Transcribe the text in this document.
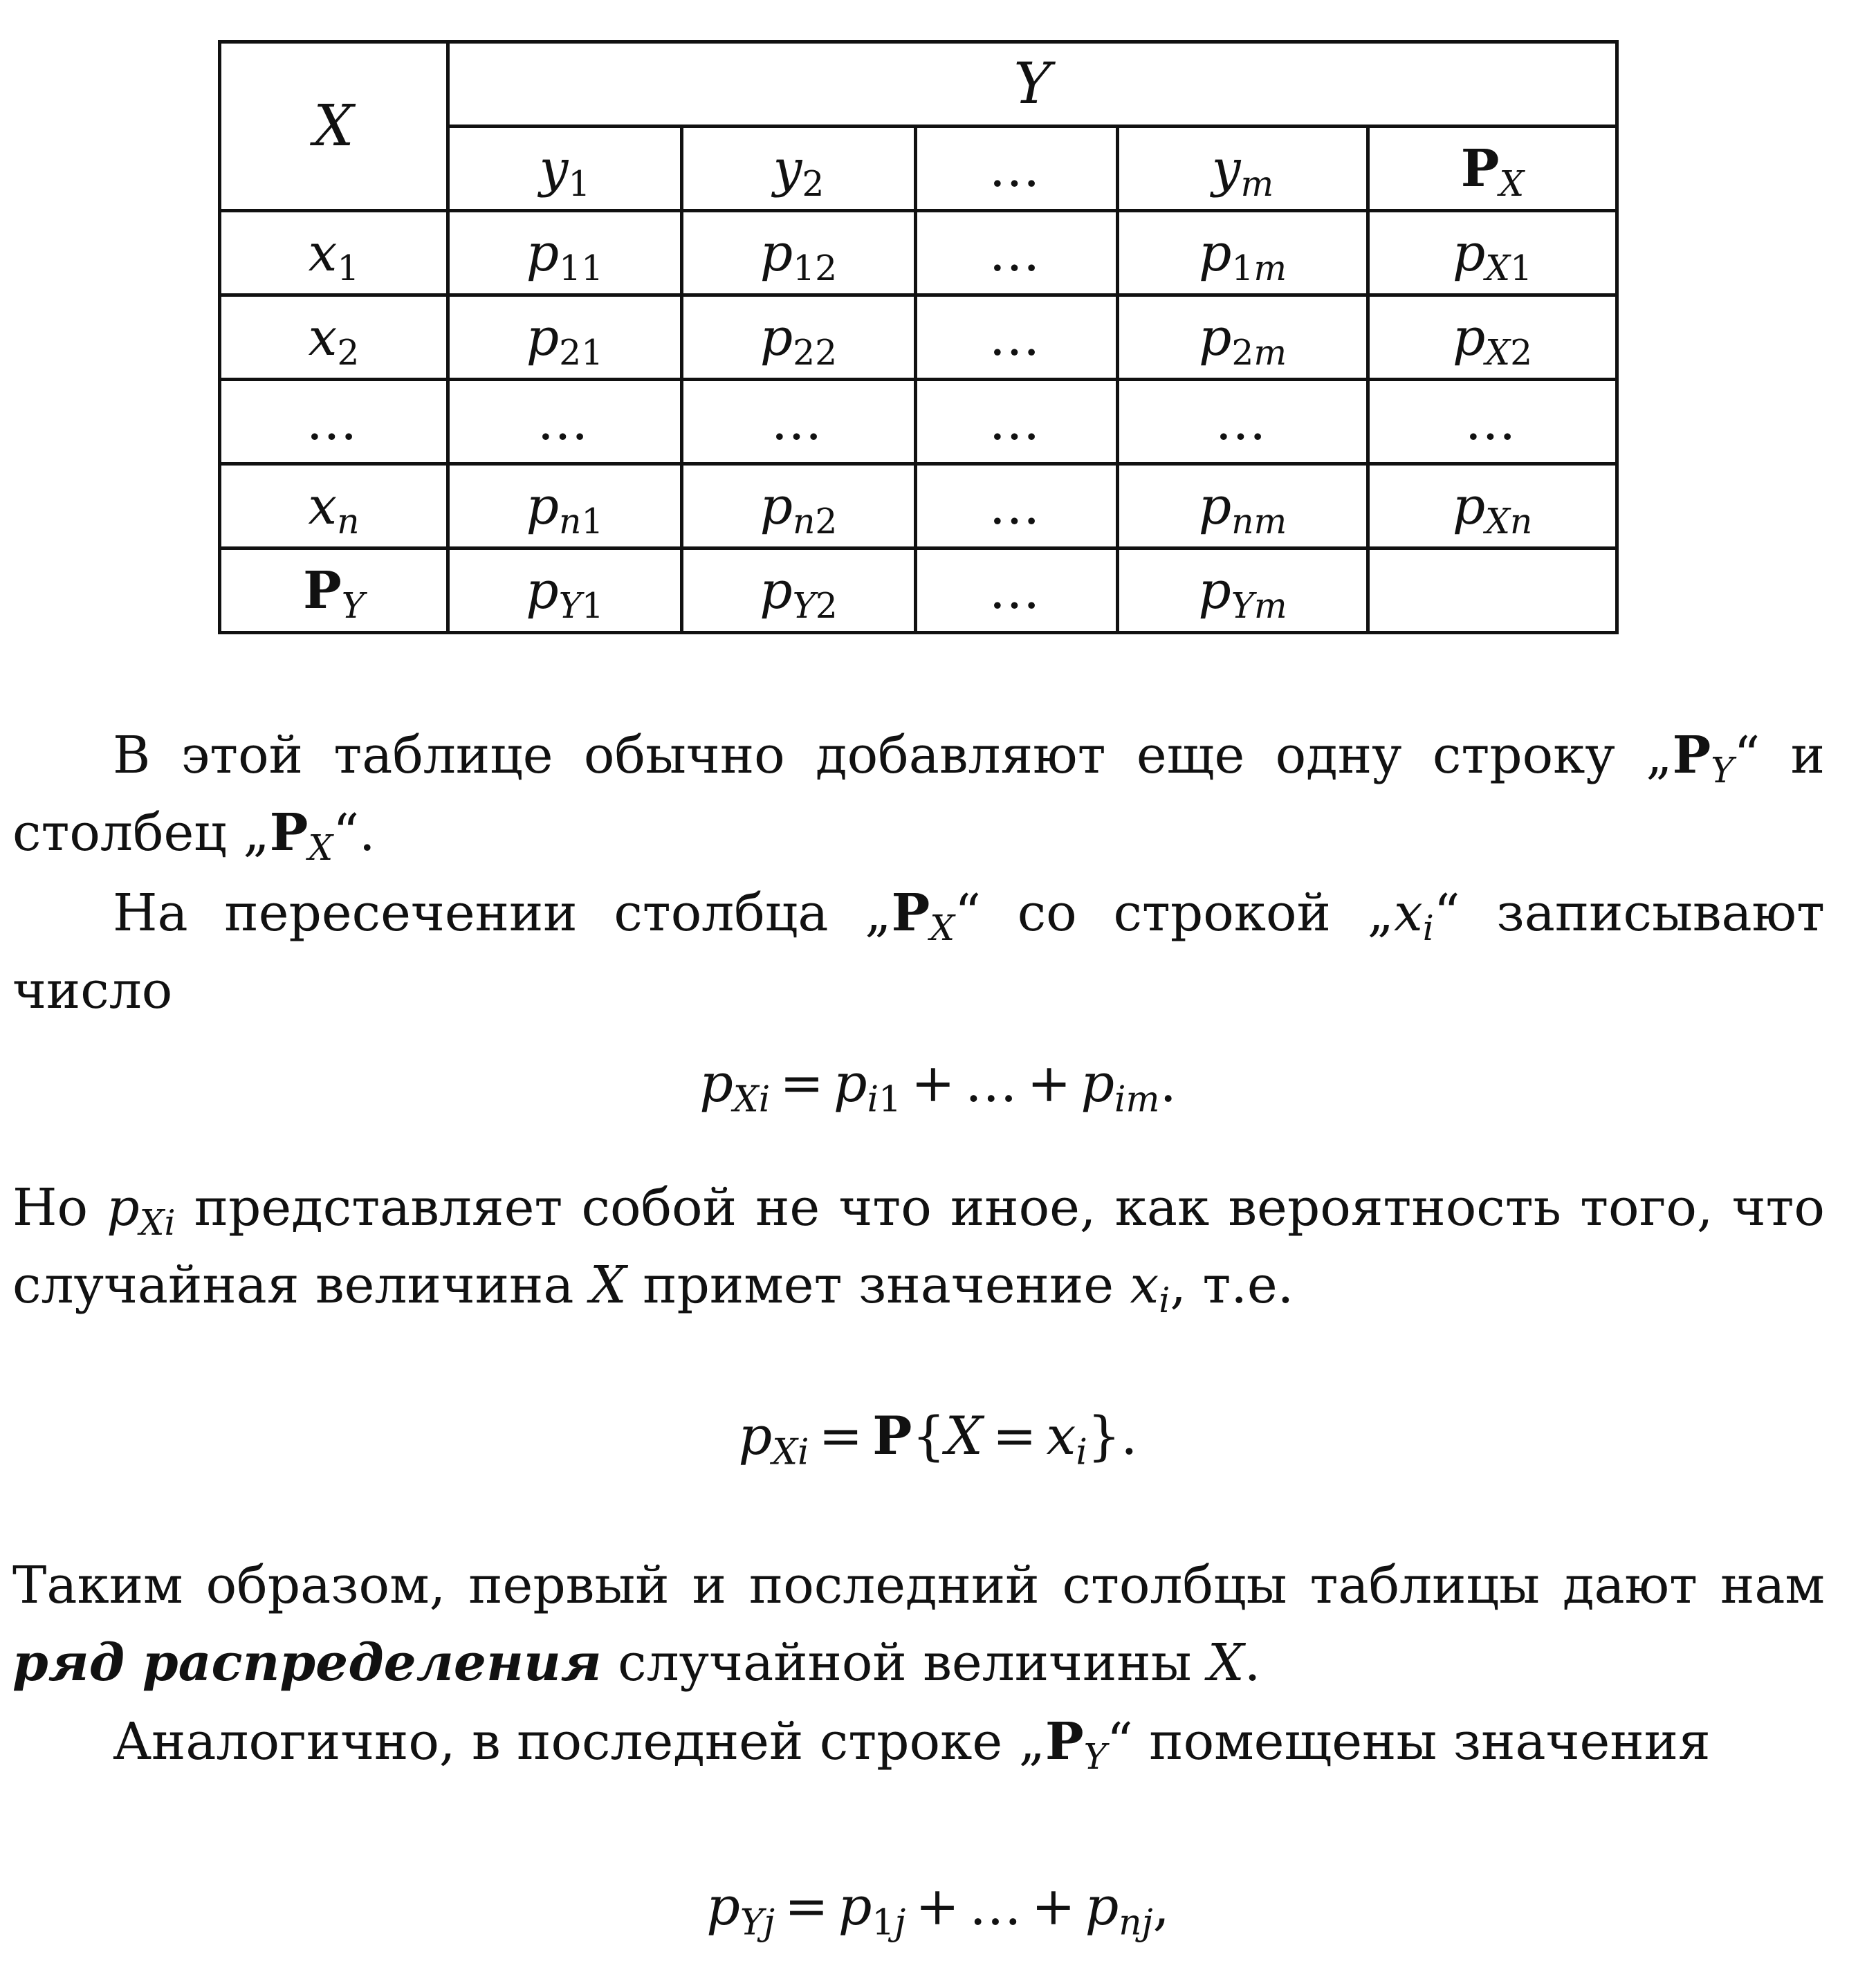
X	Y				
	$y_1$	$y_2$	…	$y_m$	$P_X$
$x_1$	$p_{11}$	$p_{12}$	…	$p_{1m}$	$p_{X1}$
$x_2$	$p_{21}$	$p_{22}$	…	$p_{2m}$	$p_{X2}$
…	…	…	…	…	…
$x_n$	$p_{n1}$	$p_{n2}$	…	$p_{nm}$	$p_{Xn}$
$P_Y$	$p_{Y1}$	$p_{Y2}$	…	$p_{Ym}$	

В этой таблице обычно добавляют еще одну строку $„P_Y“$ и столбец $„P_X“$.

На пересечении столбца $„P_X“$ со строкой $„x_i“$ записывают число

$p_{Xi} = p_{i1}$ + … + $p_{im}$.

Но $p_{Xi}$ представляет собой не что иное, как вероятность того, что случайная величина X примет значение $x_i$, т.е.

$p_{Xi} = P\{X = x_i\}$.

Таким образом, первый и последний столбцы таблицы дают нам ряд распределения случайной величины X.

Аналогично, в последней строке $„P_Y“$ помещены значения

$p_{Yj} = p_{1j}$ + … + $p_{nj}$,
